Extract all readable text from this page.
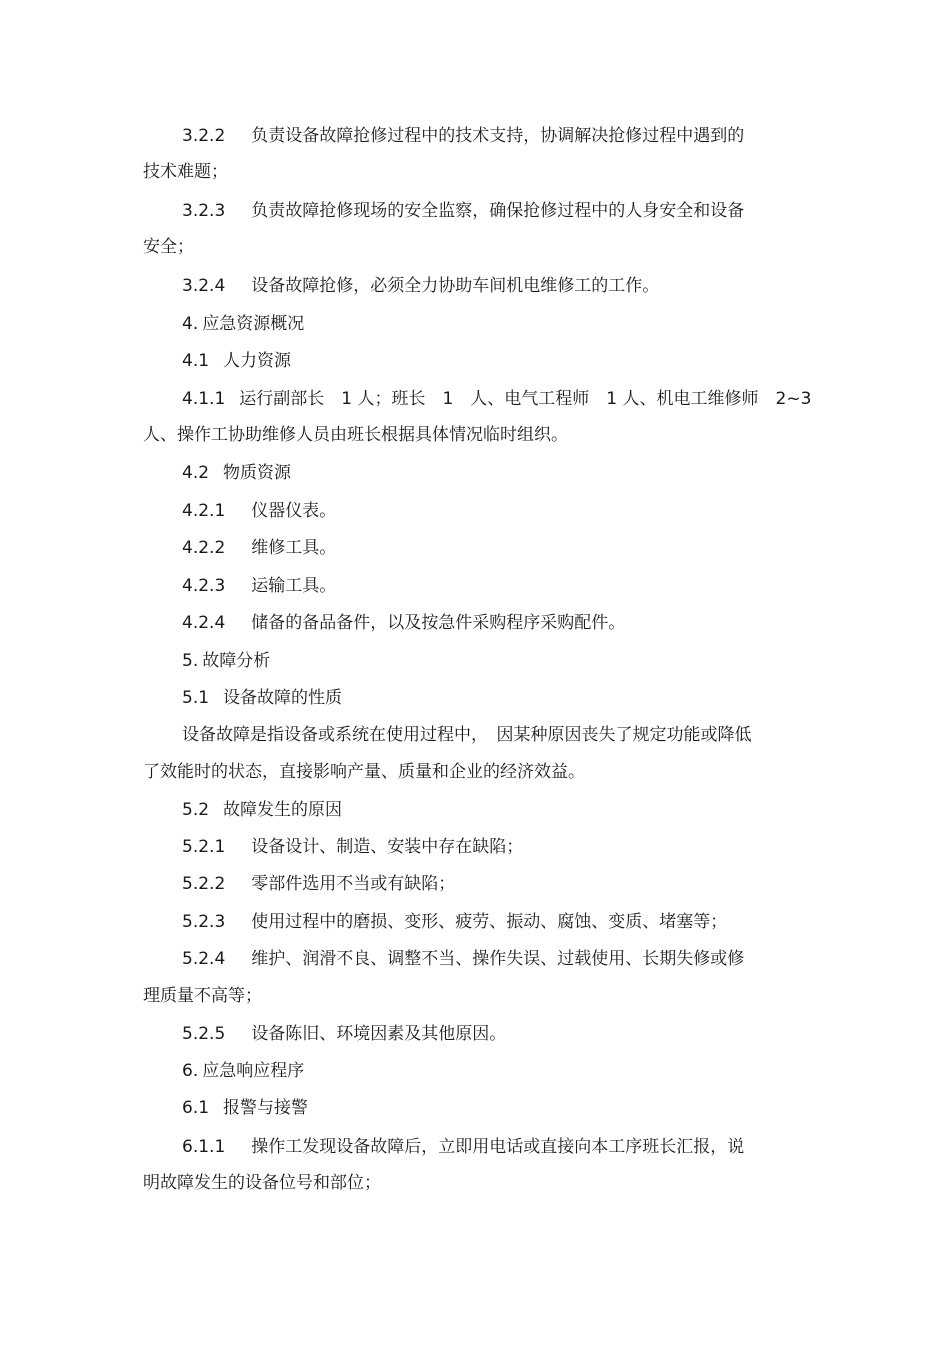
3.2.2 负责设备故障抢修过程中的技术支持，协调解决抢修过程中遇到的
技术难题；
3.2.3 负责故障抢修现场的安全监察，确保抢修过程中的人身安全和设备
安全；
3.2.4 设备故障抢修，必须全力协助车间机电维修工的工作。
4. 应急资源概况
4.1 人力资源
4.1.1 运行副部长　1 人；班长　1　人、电气工程师　1 人、机电工维修师　2~3
人、操作工协助维修人员由班长根据具体情况临时组织。
4.2 物质资源
4.2.1 仪器仪表。
4.2.2 维修工具。
4.2.3 运输工具。
4.2.4 储备的备品备件，以及按急件采购程序采购配件。
5. 故障分析
5.1 设备故障的性质
设备故障是指设备或系统在使用过程中，　因某种原因丧失了规定功能或降低
了效能时的状态，直接影响产量、质量和企业的经济效益。
5.2 故障发生的原因
5.2.1 设备设计、制造、安装中存在缺陷；
5.2.2 零部件选用不当或有缺陷；
5.2.3 使用过程中的磨损、变形、疲劳、振动、腐蚀、变质、堵塞等；
5.2.4 维护、润滑不良、调整不当、操作失误、过载使用、长期失修或修
理质量不高等；
5.2.5 设备陈旧、环境因素及其他原因。
6. 应急响应程序
6.1 报警与接警
6.1.1 操作工发现设备故障后，立即用电话或直接向本工序班长汇报，说
明故障发生的设备位号和部位；
